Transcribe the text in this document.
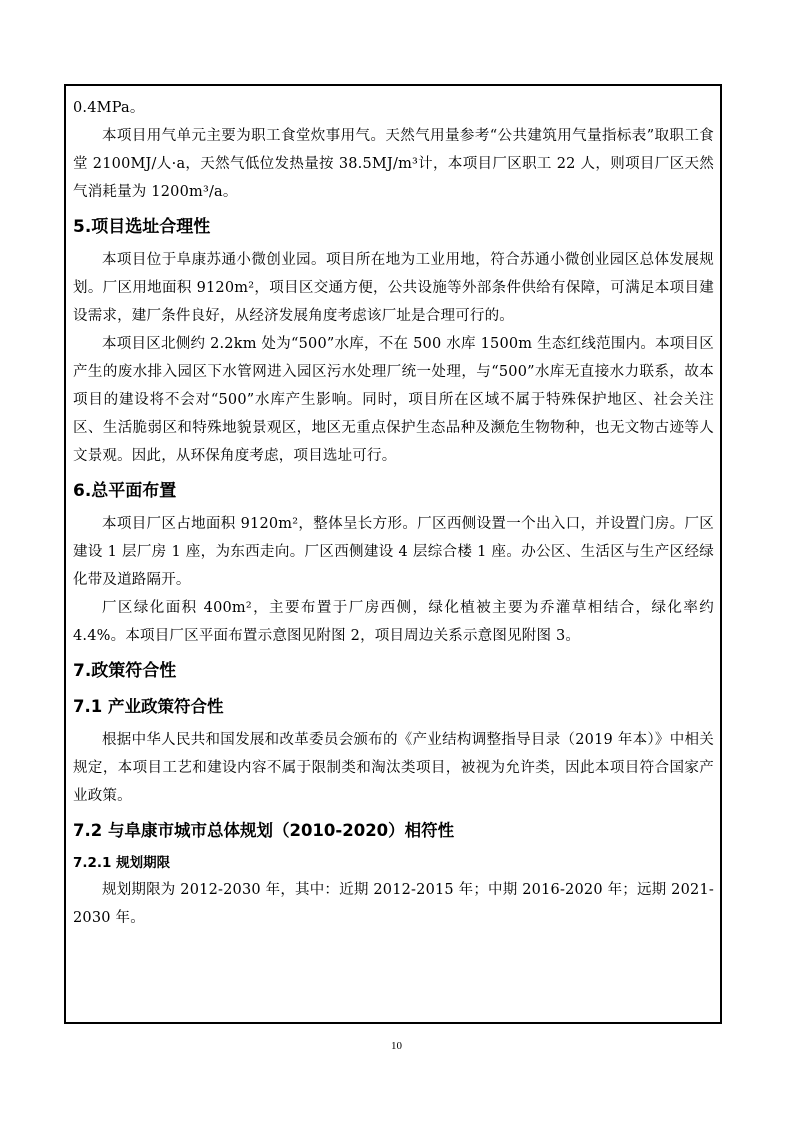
0.4MPa。

本项目用气单元主要为职工食堂炊事用气。天然气用量参考“公共建筑用气量指标表”取职工食堂 2100MJ/人·a，天然气低位发热量按 38.5MJ/m³计，本项目厂区职工 22 人，则项目厂区天然气消耗量为 1200m³/a。

5.项目选址合理性

本项目位于阜康苏通小微创业园。项目所在地为工业用地，符合苏通小微创业园区总体发展规划。厂区用地面积 9120m²，项目区交通方便，公共设施等外部条件供给有保障，可满足本项目建设需求，建厂条件良好，从经济发展角度考虑该厂址是合理可行的。

本项目区北侧约 2.2km 处为“500”水库，不在 500 水库 1500m 生态红线范围内。本项目区产生的废水排入园区下水管网进入园区污水处理厂统一处理，与“500”水库无直接水力联系，故本项目的建设将不会对“500”水库产生影响。同时，项目所在区域不属于特殊保护地区、社会关注区、生活脆弱区和特殊地貌景观区，地区无重点保护生态品种及濒危生物物种，也无文物古迹等人文景观。因此，从环保角度考虑，项目选址可行。

6.总平面布置

本项目厂区占地面积 9120m²，整体呈长方形。厂区西侧设置一个出入口，并设置门房。厂区建设 1 层厂房 1 座，为东西走向。厂区西侧建设 4 层综合楼 1 座。办公区、生活区与生产区经绿化带及道路隔开。

厂区绿化面积 400m²，主要布置于厂房西侧，绿化植被主要为乔灌草相结合，绿化率约 4.4%。本项目厂区平面布置示意图见附图 2，项目周边关系示意图见附图 3。

7.政策符合性
7.1 产业政策符合性

根据中华人民共和国发展和改革委员会颁布的《产业结构调整指导目录（2019 年本）》中相关规定，本项目工艺和建设内容不属于限制类和淘汰类项目，被视为允许类，因此本项目符合国家产业政策。

7.2 与阜康市城市总体规划（2010-2020）相符性
7.2.1 规划期限

规划期限为 2012-2030 年，其中：近期 2012-2015 年；中期 2016-2020 年；远期 2021-2030 年。

10
